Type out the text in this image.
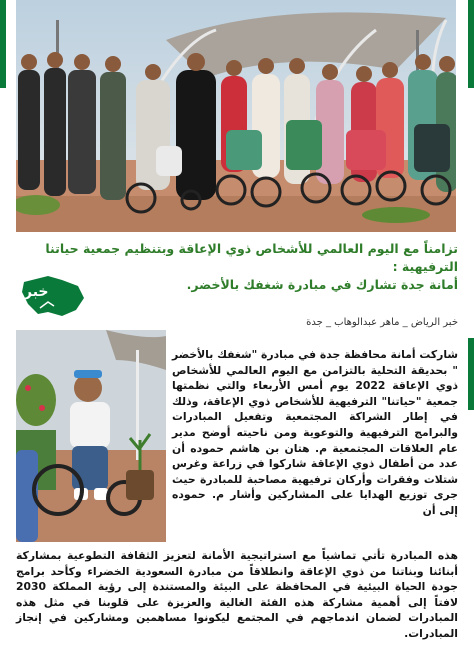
تزامناً مع اليوم العالمي للأشخاص ذوي الإعاقة وبتنظيم جمعية حياتنا الترفيهية :
أمانة جدة تشارك في مبادرة شغفك بالأخضر.
خبر
خبر الرياض _ ماهر عبدالوهاب _ جدة
شاركت أمانة محافظة جدة في مبادرة "شغفك بالأخضر " بحديقة التحلية بالتزامن مع اليوم العالمي للأشخاص ذوي الإعاقة 2022 يوم أمس الأربعاء والتي نظمتها جمعية "حياتنا" الترفيهية للأشخاص ذوي الإعاقة، وذلك في إطار الشراكة المجتمعية وتفعيل المبادرات والبرامج الترفيهية والتوعوية ومن ناحيته أوضح مدير عام العلاقات المجتمعية م. هتان بن هاشم حموده أن عدد من أطفال ذوي الإعاقة شاركوا في زراعة وغرس شتلات وفقرات وأركان ترفيهية مصاحبة للمبادرة حيث جرى توزيع الهدايا على المشاركين وأشار م. حموده إلى أن
هذه المبادرة تأتي تماشياً مع استراتيجية الأمانة لتعزيز الثقافة التطوعية بمشاركة أبنائنا وبناتنا من ذوي الإعاقة وانطلاقاً من مبادرة السعودية الخضراء وكأحد برامج جودة الحياة البيئية في المحافظة على البيئة والمستندة إلى رؤية المملكة 2030 لافتاً إلى أهمية مشاركة هذه الفئة الغالية والعزيزة على قلوبنا في مثل هذه المبادرات لضمان اندماجهم في المجتمع ليكونوا مساهمين ومشاركين في إنجاز المبادرات.
